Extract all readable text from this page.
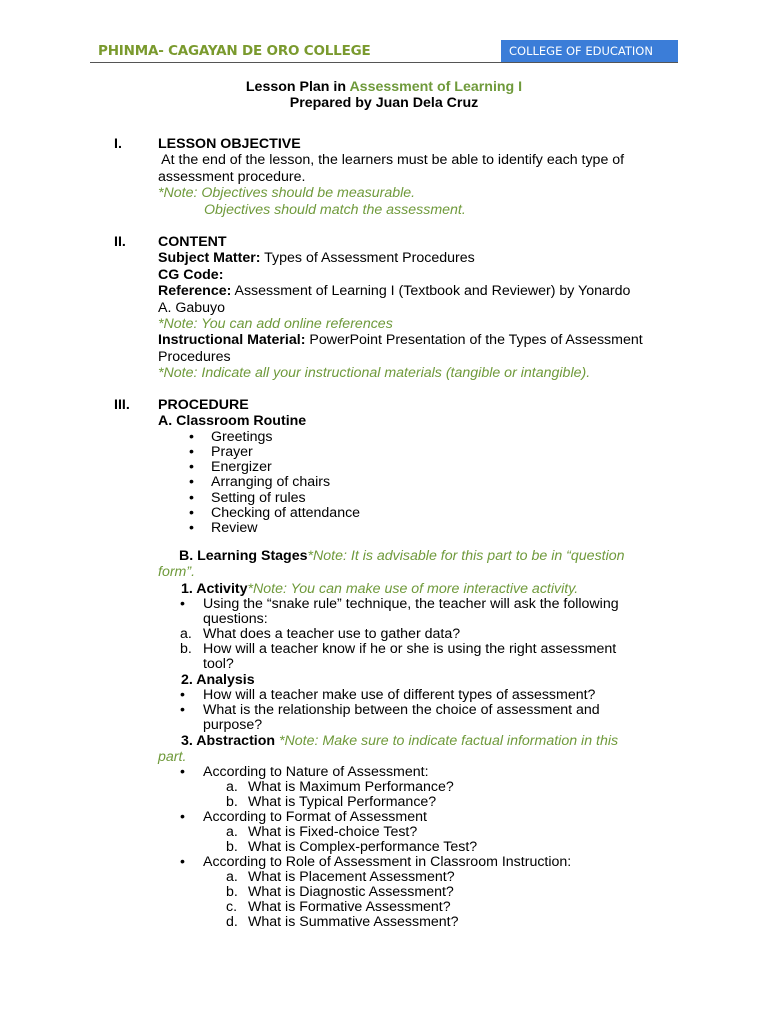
PHINMA- CAGAYAN DE ORO COLLEGE	COLLEGE OF EDUCATION
Lesson Plan in Assessment of Learning I
Prepared by Juan Dela Cruz
I.	LESSON OBJECTIVE

At the end of the lesson, the learners must be able to identify each type of

assessment procedure.

*Note: Objectives should be measurable.

Objectives should match the assessment.

II. CONTENT

Subject Matter: Types of Assessment Procedures

CG Code:

Reference: Assessment of Learning I (Textbook and Reviewer) by Yonardo

A. Gabuyo

*Note: You can add online references

Instructional Material: PowerPoint Presentation of the Types of Assessment

Procedures

*Note: Indicate all your instructional materials (tangible or intangible).

III. PROCEDURE

A. Classroom Routine

• Greetings
• Prayer
• Energizer
• Arranging of chairs
• Setting of rules
• Checking of attendance
• Review
B. Learning Stages*Note: It is advisable for this part to be in “question
form”.
1. Activity*Note: You can make use of more interactive activity.
• Using the “snake rule” technique, the teacher will ask the following
questions:
a. What does a teacher use to gather data?
b. How will a teacher know if he or she is using the right assessment
tool?
2. Analysis
• How will a teacher make use of different types of assessment?
• What is the relationship between the choice of assessment and
purpose?
3. Abstraction *Note: Make sure to indicate factual information in this
part.
• According to Nature of Assessment:
a. What is Maximum Performance?
b. What is Typical Performance?
• According to Format of Assessment
a. What is Fixed-choice Test?
b. What is Complex-performance Test?
• According to Role of Assessment in Classroom Instruction:
a. What is Placement Assessment?
b. What is Diagnostic Assessment?
c. What is Formative Assessment?
d. What is Summative Assessment?
